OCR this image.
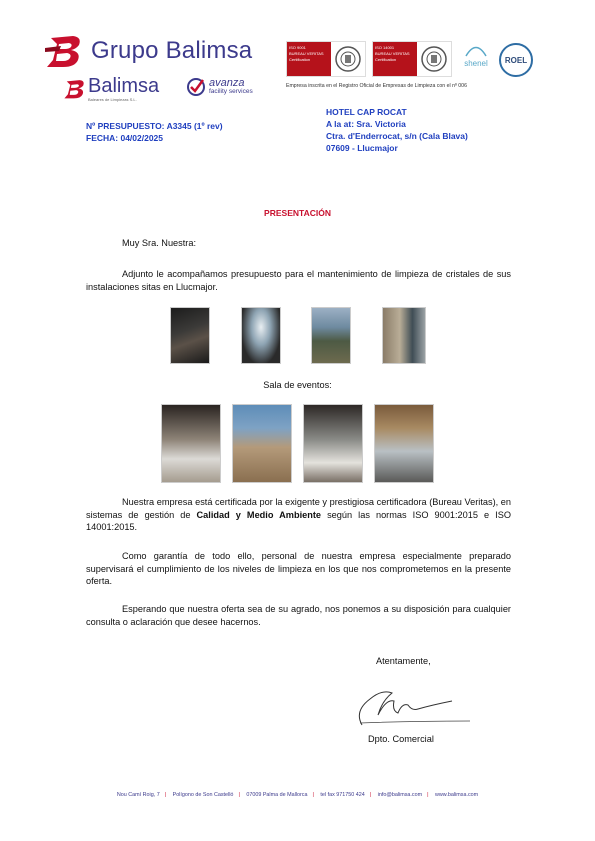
Grupo Balimsa
Balimsa
Baleares de Limpiezas S.L.
avanza
facility services
ISO 9001
BUREAU VERITAS
Certification
ISO 14001
BUREAU VERITAS
Certification	shenel	ROEL
Empresa inscrita en el Registro Oficial de Empresas de Limpieza con el nº 006
Nº PRESUPUESTO: A3345 (1º rev)
FECHA: 04/02/2025
HOTEL CAP ROCAT
A la at: Sra. Victoria
Ctra. d'Enderrocat, s/n (Cala Blava)
07609 - Llucmajor
PRESENTACIÓN
Muy Sra. Nuestra:
Adjunto le acompañamos presupuesto para el mantenimiento de limpieza de cristales de sus instalaciones sitas en Llucmajor.
Sala de eventos:
Nuestra empresa está certificada por la exigente y prestigiosa certificadora (Bureau Veritas), en sistemas de gestión de Calidad y Medio Ambiente según las normas ISO 9001:2015 e ISO 14001:2015.
Como garantía de todo ello, personal de nuestra empresa especialmente preparado supervisará el cumplimiento de los niveles de limpieza en los que nos comprometemos en la presente oferta.
Esperando que nuestra oferta sea de su agrado, nos ponemos a su disposición para cualquier consulta o aclaración que desee hacernos.
Atentamente,
Dpto. Comercial
Nou Camí Roig, 7 | Polígono de Son Castelló | 07009 Palma de Mallorca | tel fax 971750 424 | info@balimsa.com | www.balimsa.com
